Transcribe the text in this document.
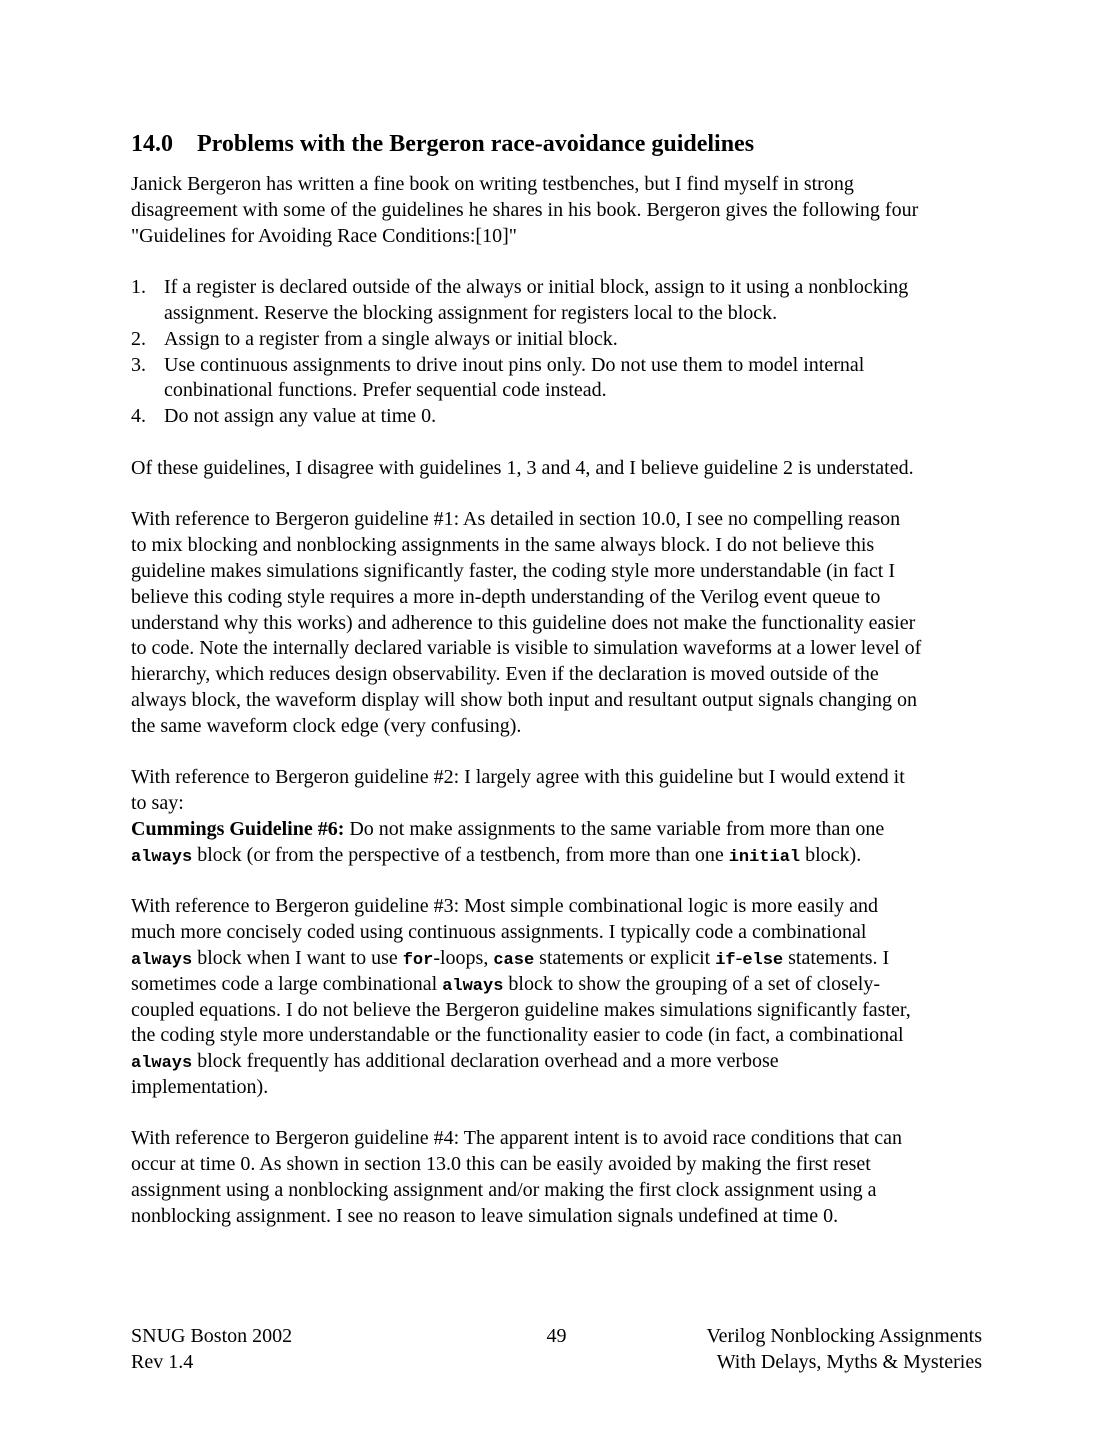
14.0 Problems with the Bergeron race-avoidance guidelines
Janick Bergeron has written a fine book on writing testbenches, but I find myself in strong
disagreement with some of the guidelines he shares in his book. Bergeron gives the following four
"Guidelines for Avoiding Race Conditions:[10]"
1. If a register is declared outside of the always or initial block, assign to it using a nonblocking
assignment. Reserve the blocking assignment for registers local to the block.
2. Assign to a register from a single always or initial block.
3. Use continuous assignments to drive inout pins only. Do not use them to model internal
conbinational functions. Prefer sequential code instead.
4. Do not assign any value at time 0.
Of these guidelines, I disagree with guidelines 1, 3 and 4, and I believe guideline 2 is understated.
With reference to Bergeron guideline #1: As detailed in section 10.0, I see no compelling reason
to mix blocking and nonblocking assignments in the same always block. I do not believe this
guideline makes simulations significantly faster, the coding style more understandable (in fact I
believe this coding style requires a more in-depth understanding of the Verilog event queue to
understand why this works) and adherence to this guideline does not make the functionality easier
to code. Note the internally declared variable is visible to simulation waveforms at a lower level of
hierarchy, which reduces design observability. Even if the declaration is moved outside of the
always block, the waveform display will show both input and resultant output signals changing on
the same waveform clock edge (very confusing).
With reference to Bergeron guideline #2: I largely agree with this guideline but I would extend it
to say:
Cummings Guideline #6: Do not make assignments to the same variable from more than one
always block (or from the perspective of a testbench, from more than one initial block).
With reference to Bergeron guideline #3: Most simple combinational logic is more easily and
much more concisely coded using continuous assignments. I typically code a combinational
always block when I want to use for-loops, case statements or explicit if-else statements. I
sometimes code a large combinational always block to show the grouping of a set of closely-
coupled equations. I do not believe the Bergeron guideline makes simulations significantly faster,
the coding style more understandable or the functionality easier to code (in fact, a combinational
always block frequently has additional declaration overhead and a more verbose
implementation).
With reference to Bergeron guideline #4: The apparent intent is to avoid race conditions that can
occur at time 0. As shown in section 13.0 this can be easily avoided by making the first reset
assignment using a nonblocking assignment and/or making the first clock assignment using a
nonblocking assignment. I see no reason to leave simulation signals undefined at time 0.
SNUG Boston 2002
Rev 1.4
49	Verilog Nonblocking Assignments
With Delays, Myths & Mysteries
